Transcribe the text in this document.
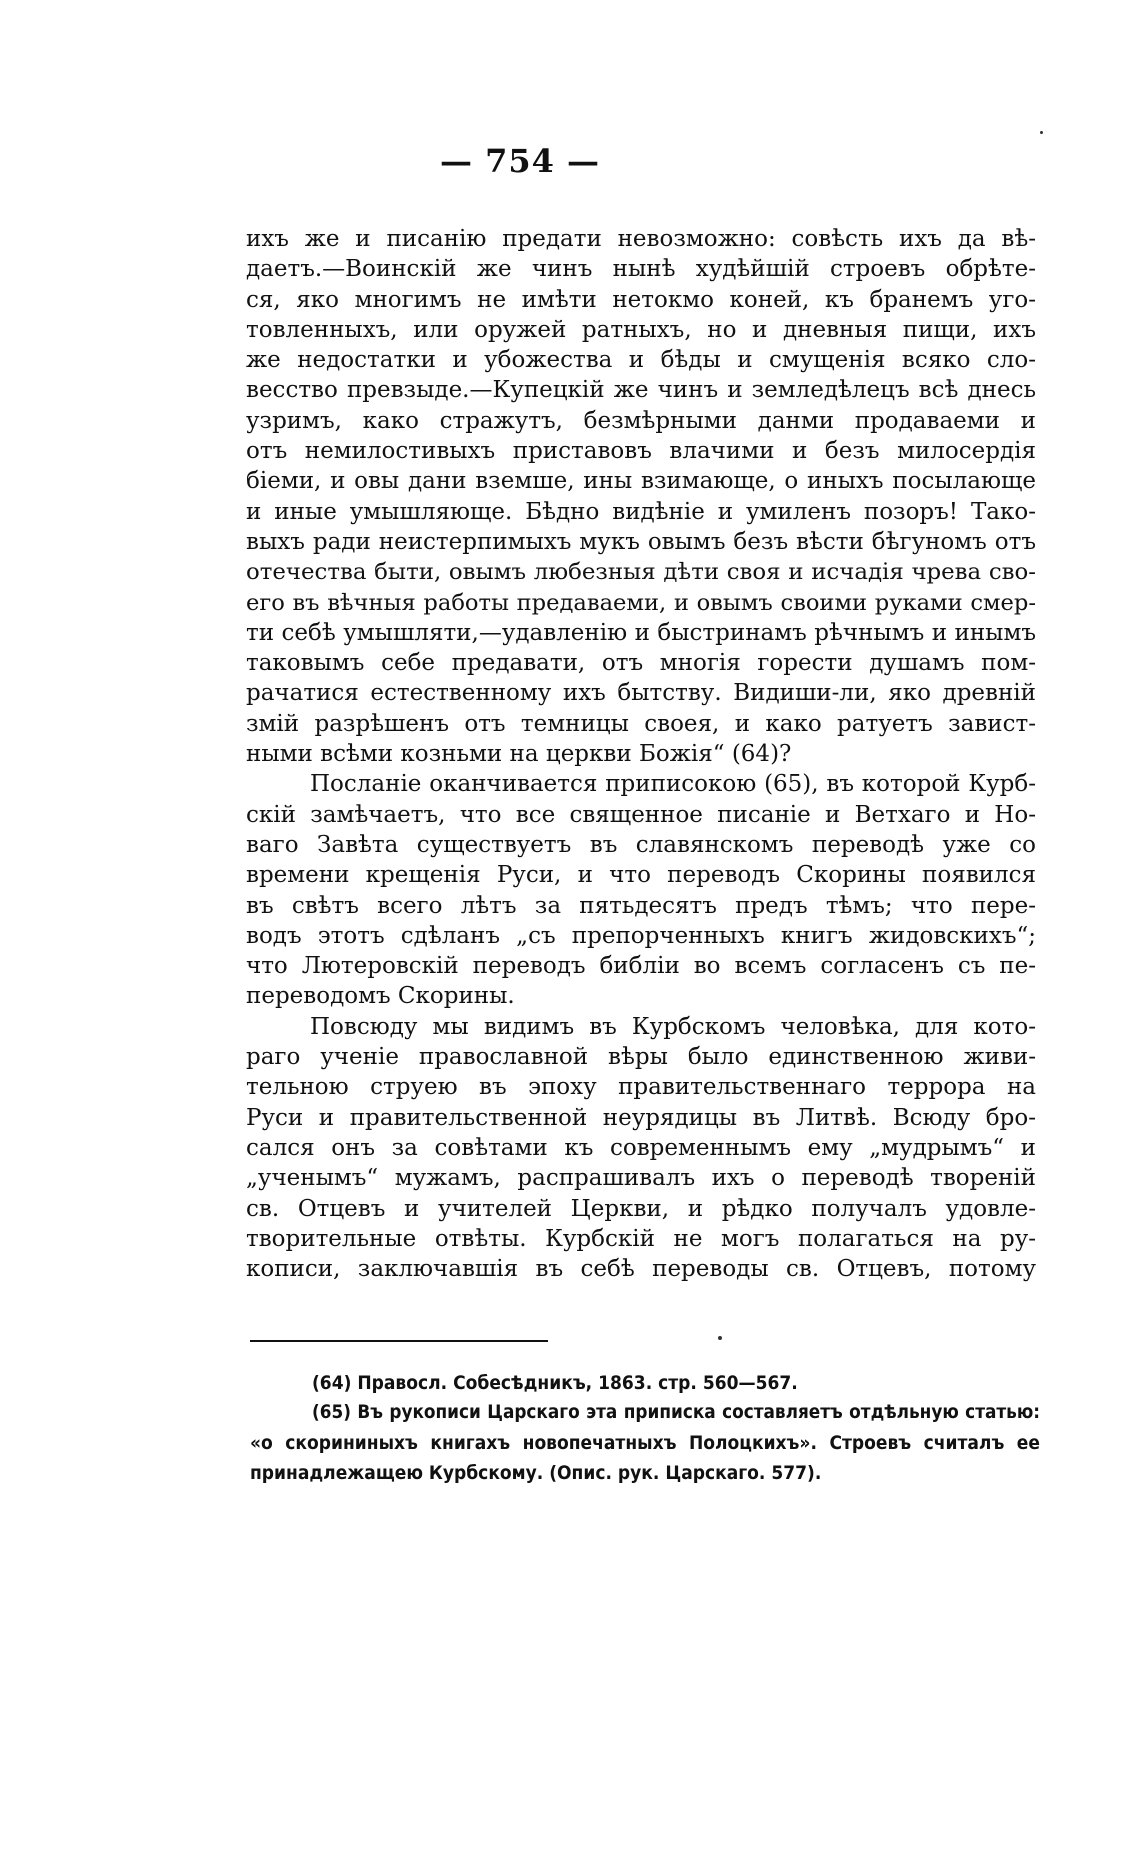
— 754 —
ихъ же и писанію предати невозможно: совѣсть ихъ да вѣ-
даетъ.—Воинскій же чинъ нынѣ худѣйшій строевъ обрѣте-
ся, яко многимъ не имѣти нетокмо коней, къ бранемъ уго-
товленныхъ, или оружей ратныхъ, но и дневныя пищи, ихъ
же недостатки и убожества и бѣды и смущенія всяко сло-
весство превзыде.—Купецкій же чинъ и земледѣлецъ всѣ днесь
узримъ, како стражутъ, безмѣрными данми продаваеми и
отъ немилостивыхъ приставовъ влачими и безъ милосердія
біеми, и овы дани вземше, ины взимающе, о иныхъ посылающе
и иные умышляюще. Бѣдно видѣніе и умиленъ позоръ! Тако-
выхъ ради неистерпимыхъ мукъ овымъ безъ вѣсти бѣгуномъ отъ
отечества быти, овымъ любезныя дѣти своя и исчадія чрева сво-
его въ вѣчныя работы предаваеми, и овымъ своими руками смер-
ти себѣ умышляти,—удавленію и быстринамъ рѣчнымъ и инымъ
таковымъ себе предавати, отъ многія горести душамъ пом-
рачатися естественному ихъ бытству. Видиши-ли, яко древній
змій разрѣшенъ отъ темницы своея, и како ратуетъ завист-
ными всѣми козньми на церкви Божія“ (64)?
Посланіе оканчивается приписокою (65), въ которой Курб-
скій замѣчаетъ, что все священное писаніе и Ветхаго и Но-
ваго Завѣта существуетъ въ славянскомъ переводѣ уже со
времени крещенія Руси, и что переводъ Скорины появился
въ свѣтъ всего лѣтъ за пятьдесятъ предъ тѣмъ; что пере-
водъ этотъ сдѣланъ „съ препорченныхъ книгъ жидовскихъ“;
что Лютеровскій переводъ библіи во всемъ согласенъ съ пе-
переводомъ Скорины.
Повсюду мы видимъ въ Курбскомъ человѣка, для кото-
раго ученіе православной вѣры было единственною живи-
тельною струею въ эпоху правительственнаго террора на
Руси и правительственной неурядицы въ Литвѣ. Всюду бро-
сался онъ за совѣтами къ современнымъ ему „мудрымъ“ и
„ученымъ“ мужамъ, распрашивалъ ихъ о переводѣ твореній
св. Отцевъ и учителей Церкви, и рѣдко получалъ удовле-
творительные отвѣты. Курбскій не могъ полагаться на ру-
кописи, заключавшія въ себѣ переводы св. Отцевъ, потому
(64) Правосл. Собесѣдникъ, 1863. стр. 560—567.
(65) Въ рукописи Царскаго эта приписка составляетъ отдѣльную статью:
«о скорининыхъ книгахъ новопечатныхъ Полоцкихъ». Строевъ считалъ ее
принадлежащею Курбскому. (Опис. рук. Царскаго. 577).
